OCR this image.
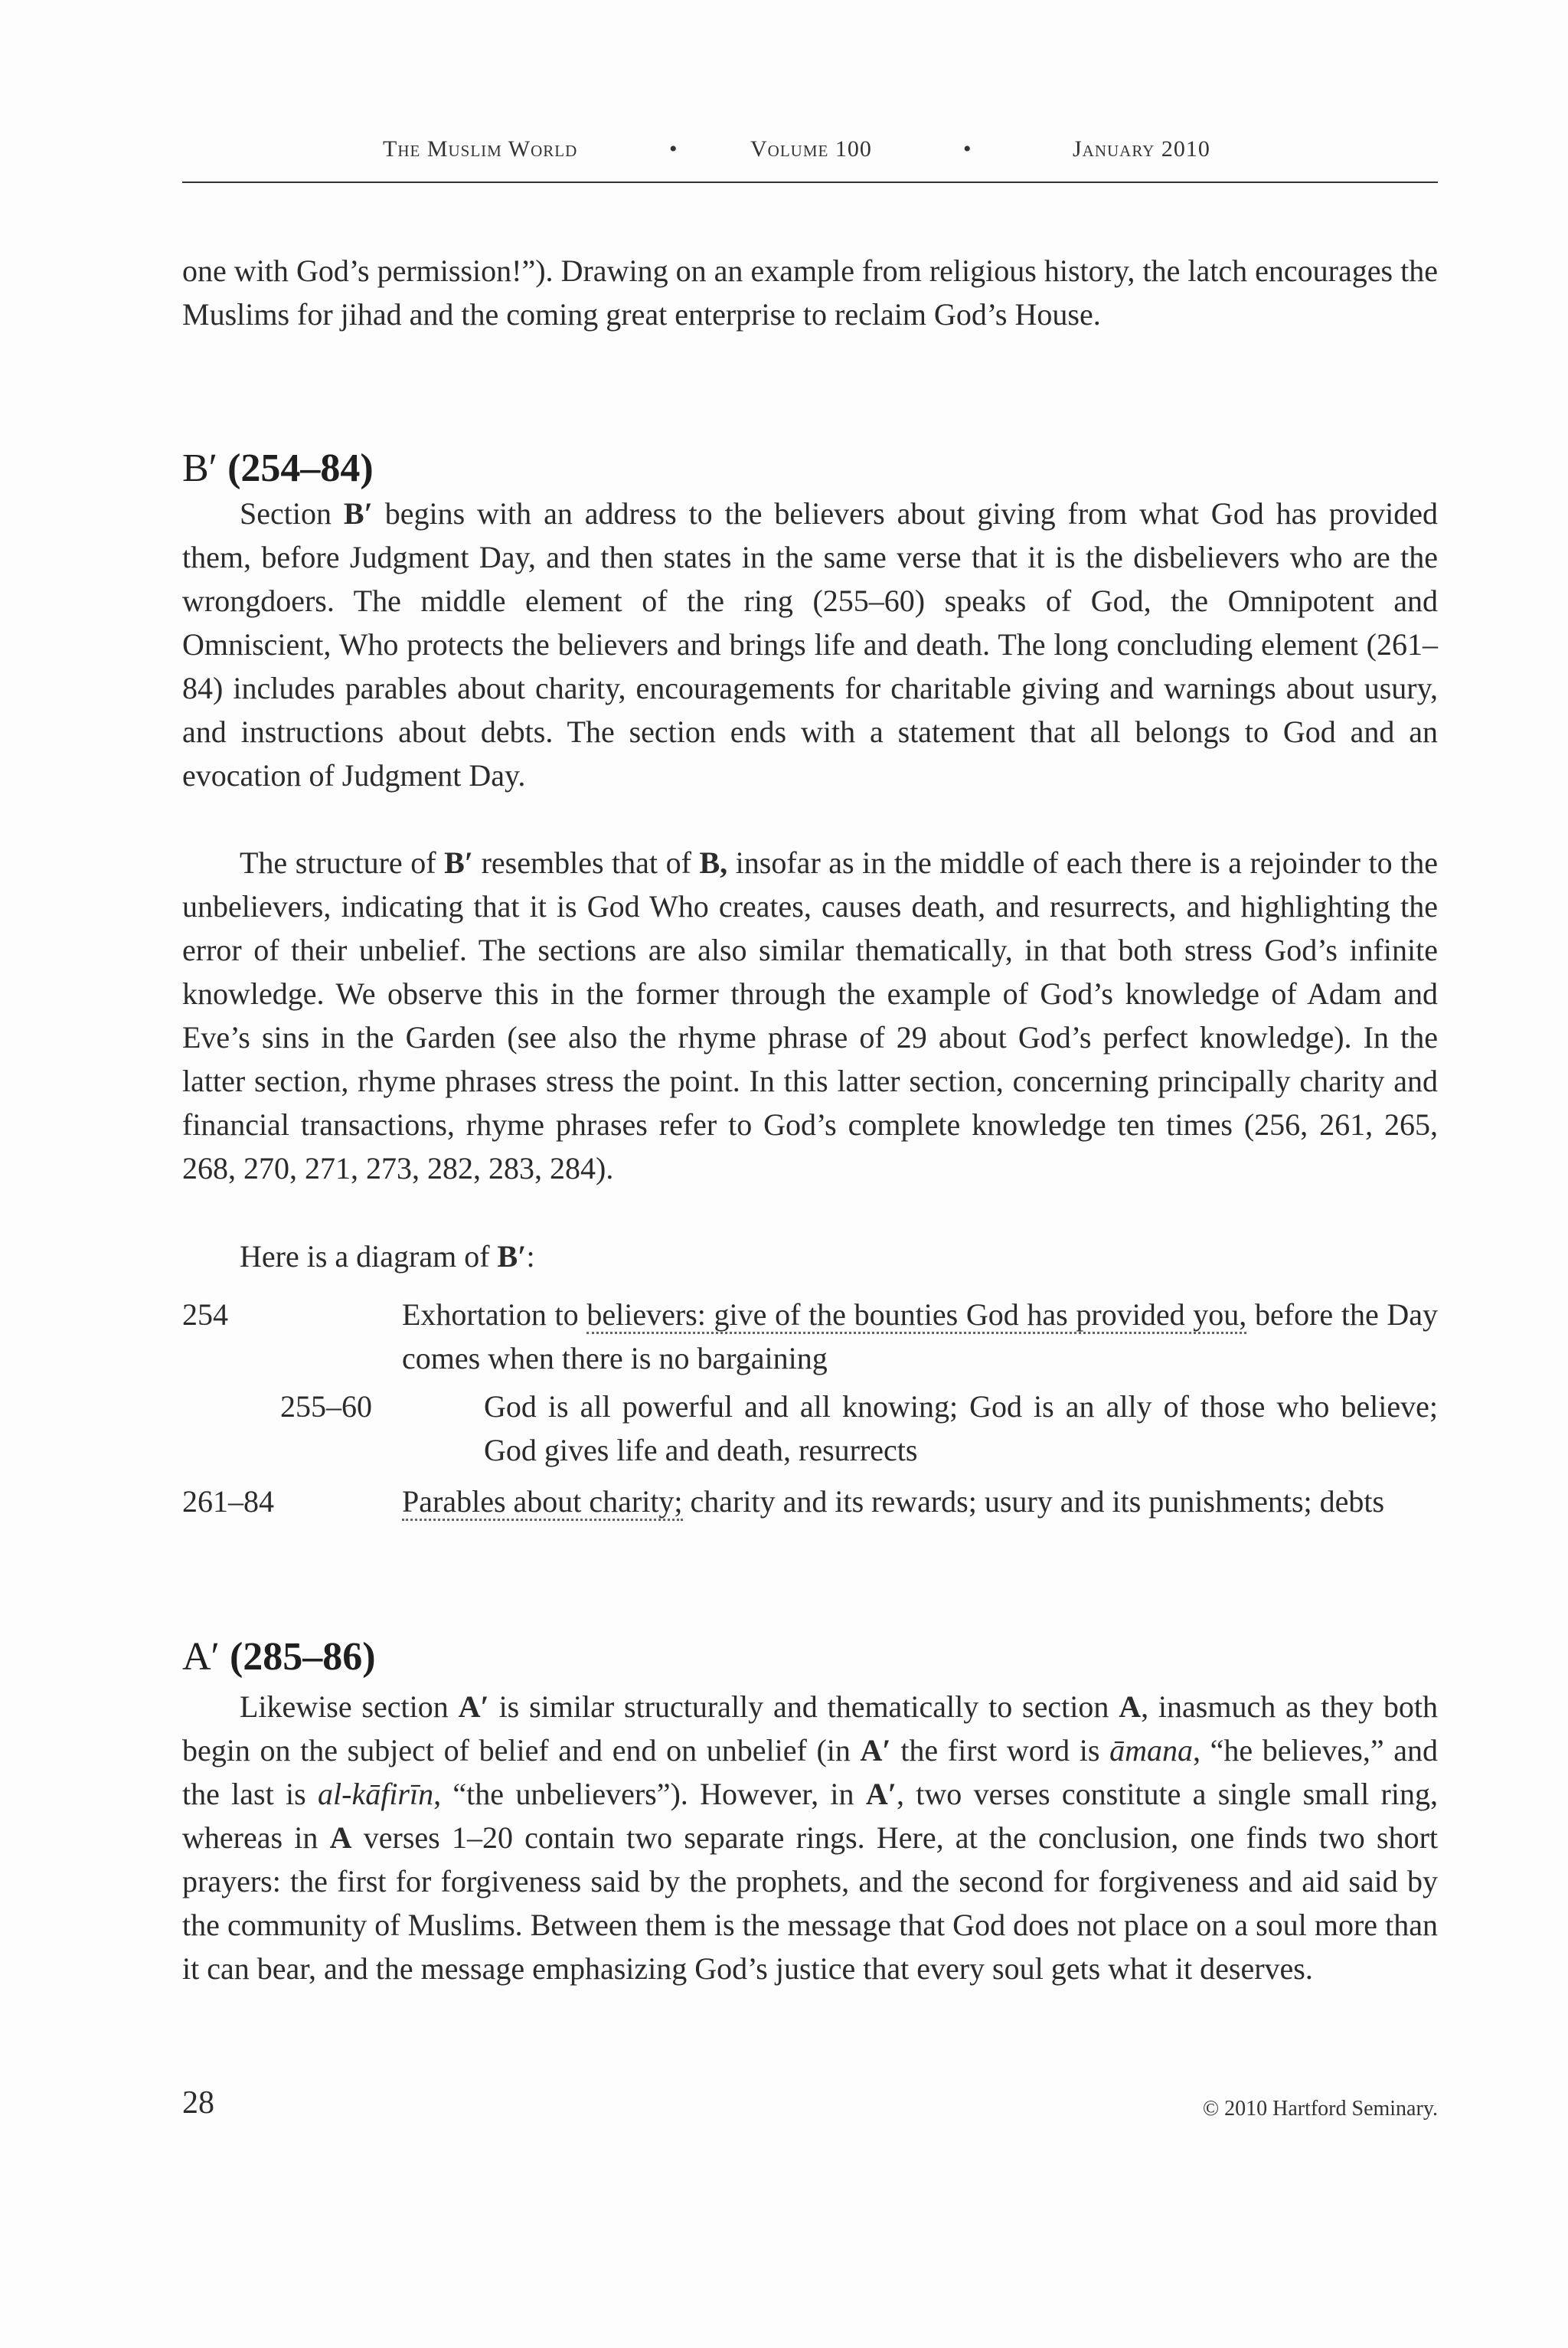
The Muslim World	•	Volume 100	•	January 2010
one with God’s permission!”). Drawing on an example from religious history, the latch encourages the Muslims for jihad and the coming great enterprise to reclaim God’s House.
B′ (254–84)
Section B′ begins with an address to the believers about giving from what God has provided them, before Judgment Day, and then states in the same verse that it is the disbelievers who are the wrongdoers. The middle element of the ring (255–60) speaks of God, the Omnipotent and Omniscient, Who protects the believers and brings life and death. The long concluding element (261–84) includes parables about charity, encouragements for charitable giving and warnings about usury, and instructions about debts. The section ends with a statement that all belongs to God and an evocation of Judgment Day.
The structure of B′ resembles that of B, insofar as in the middle of each there is a rejoinder to the unbelievers, indicating that it is God Who creates, causes death, and resurrects, and highlighting the error of their unbelief. The sections are also similar thematically, in that both stress God’s infinite knowledge. We observe this in the former through the example of God’s knowledge of Adam and Eve’s sins in the Garden (see also the rhyme phrase of 29 about God’s perfect knowledge). In the latter section, rhyme phrases stress the point. In this latter section, concerning principally charity and financial transactions, rhyme phrases refer to God’s complete knowledge ten times (256, 261, 265, 268, 270, 271, 273, 282, 283, 284).
Here is a diagram of B′:
254	Exhortation to believers: give of the bounties God has provided you, before the Day comes when there is no bargaining
255–60	God is all powerful and all knowing; God is an ally of those who believe; God gives life and death, resurrects
261–84	Parables about charity; charity and its rewards; usury and its punishments; debts
A′ (285–86)
Likewise section A′ is similar structurally and thematically to section A, inasmuch as they both begin on the subject of belief and end on unbelief (in A′ the first word is āmana, “he believes,” and the last is al-kāfirīn, “the unbelievers”). However, in A′, two verses constitute a single small ring, whereas in A verses 1–20 contain two separate rings. Here, at the conclusion, one finds two short prayers: the first for forgiveness said by the prophets, and the second for forgiveness and aid said by the community of Muslims. Between them is the message that God does not place on a soul more than it can bear, and the message emphasizing God’s justice that every soul gets what it deserves.
28	© 2010 Hartford Seminary.
